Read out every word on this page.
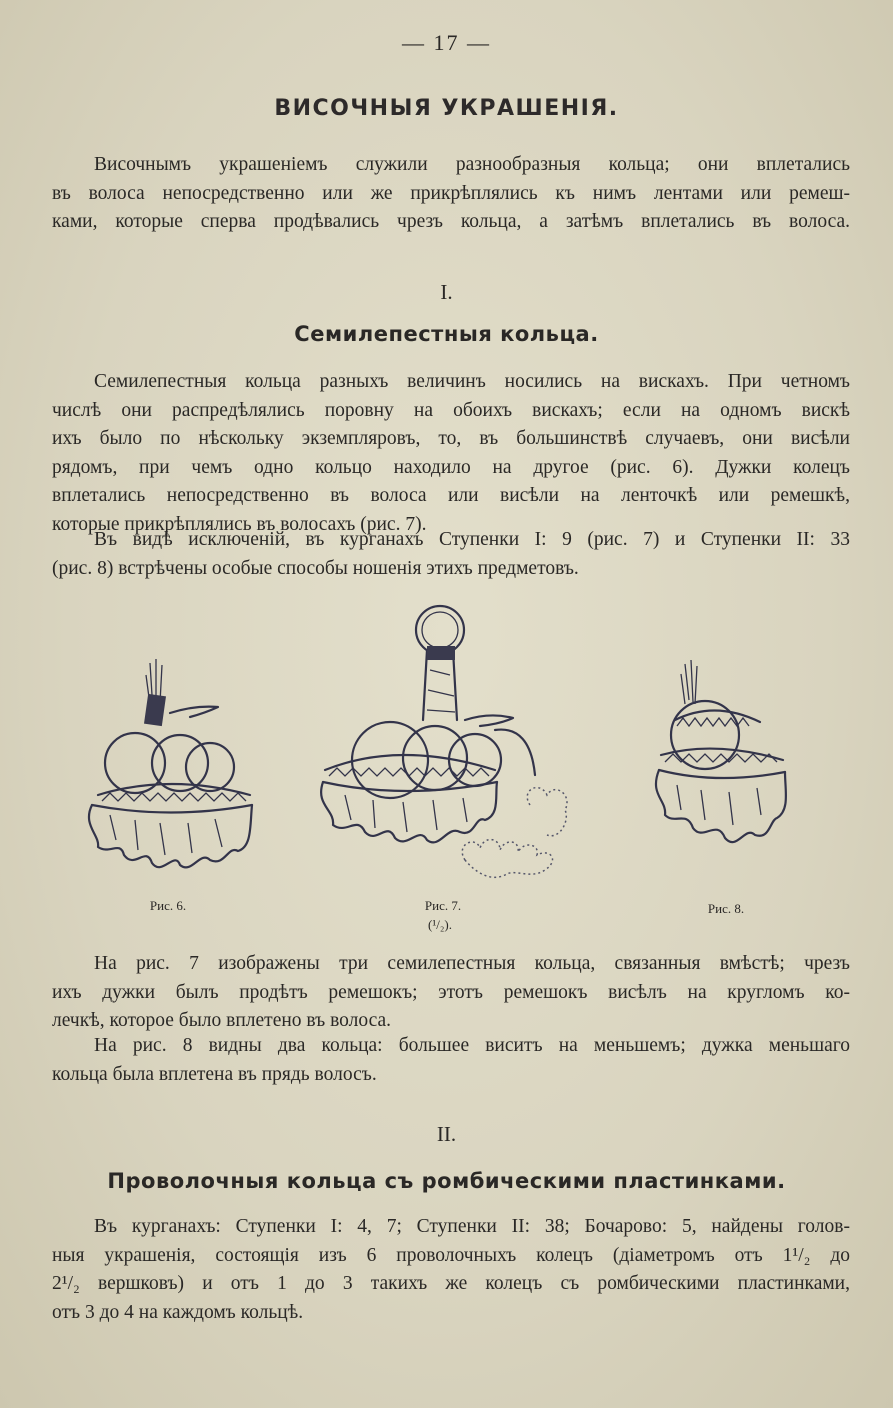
— 17 —
ВИСОЧНЫЯ УКРАШЕНІЯ.
Височнымъ украшеніемъ служили разнообразныя кольца; они вплетались
въ волоса непосредственно или же прикрѣплялись къ нимъ лентами или ремеш-
ками, которые сперва продѣвались чрезъ кольца, а затѣмъ вплетались въ волоса.
I.
Семилепестныя кольца.
Семилепестныя кольца разныхъ величинъ носились на вискахъ. При четномъ
числѣ они распредѣлялись поровну на обоихъ вискахъ; если на одномъ вискѣ
ихъ было по нѣскольку экземпляровъ, то, въ большинствѣ случаевъ, они висѣли
рядомъ, при чемъ одно кольцо находило на другое (рис. 6). Дужки колецъ
вплетались непосредственно въ волоса или висѣли на ленточкѣ или ремешкѣ,
которые прикрѣплялись въ волосахъ (рис. 7).
Въ видѣ исключеній, въ курганахъ Ступенки I: 9 (рис. 7) и Ступенки II: 33
(рис. 8) встрѣчены особые способы ношенія этихъ предметовъ.
Рис. 6.	Рис. 7.
(¹/₂).
Рис. 8.
На рис. 7 изображены три семилепестныя кольца, связанныя вмѣстѣ; чрезъ
ихъ дужки былъ продѣтъ ремешокъ; этотъ ремешокъ висѣлъ на кругломъ ко-
лечкѣ, которое было вплетено въ волоса.
На рис. 8 видны два кольца: большее виситъ на меньшемъ; дужка меньшаго
кольца была вплетена въ прядь волосъ.
II.
Проволочныя кольца съ ромбическими пластинками.
Въ курганахъ: Ступенки I: 4, 7; Ступенки II: 38; Бочарово: 5, найдены голов-
ныя украшенія, состоящія изъ 6 проволочныхъ колецъ (діаметромъ отъ 1¹/₂ до
2¹/₂ вершковъ) и отъ 1 до 3 такихъ же колецъ съ ромбическими пластинками,
отъ 3 до 4 на каждомъ кольцѣ.
